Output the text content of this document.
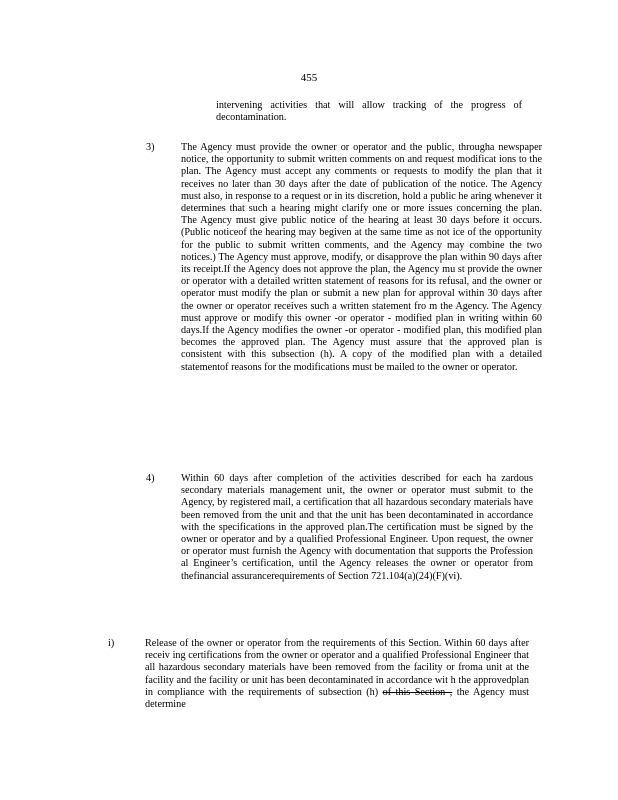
455
intervening activities that will allow tracking of the progress of decontamination.
3)	The Agency must provide the owner or operator and the public, througha newspaper notice, the opportunity to submit written comments on and request modificat ions to the plan. The Agency must accept any comments or requests to modify the plan that it receives no later than 30 days after the date of publication of the notice. The Agency must also, in response to a request or in its discretion, hold a public he aring whenever it determines that such a hearing might clarify one or more issues concerning the plan. The Agency must give public notice of the hearing at least 30 days before it occurs. (Public noticeof the hearing may begiven at the same time as not ice of the opportunity for the public to submit written comments, and the Agency may combine the two notices.) The Agency must approve, modify, or disapprove the plan within 90 days after its receipt.If the Agency does not approve the plan, the Agency mu st provide the owner or operator with a detailed written statement of reasons for its refusal, and the owner or operator must modify the plan or submit a new plan for approval within 30 days after the owner or operator receives such a written statement fro m the Agency. The Agency must approve or modify this owner -or operator - modified plan in writing within 60 days.If the Agency modifies the owner -or operator - modified plan, this modified plan becomes the approved plan. The Agency must assure that the approved plan is consistent with this subsection (h). A copy of the modified plan with a detailed statementof reasons for the modifications must be mailed to the owner or operator.
4)	Within 60 days after completion of the activities described for each ha zardous secondary materials management unit, the owner or operator must submit to the Agency, by registered mail, a certification that all hazardous secondary materials have been removed from the unit and that the unit has been decontaminated in accordance with the specifications in the approved plan.The certification must be signed by the owner or operator and by a qualified Professional Engineer. Upon request, the owner or operator must furnish the Agency with documentation that supports the Profession al Engineer’s certification, until the Agency releases the owner or operator from thefinancial assurancerequirements of Section 721.104(a)(24)(F)(vi).
i)	Release of the owner or operator from the requirements of this Section. Within 60 days after receiv ing certifications from the owner or operator and a qualified Professional Engineer that all hazardous secondary materials have been removed from the facility or froma unit at the facility and the facility or unit has been decontaminated in accordance wit h the approvedplan in compliance with the requirements of subsection (h) of this Section , the Agency must determine
